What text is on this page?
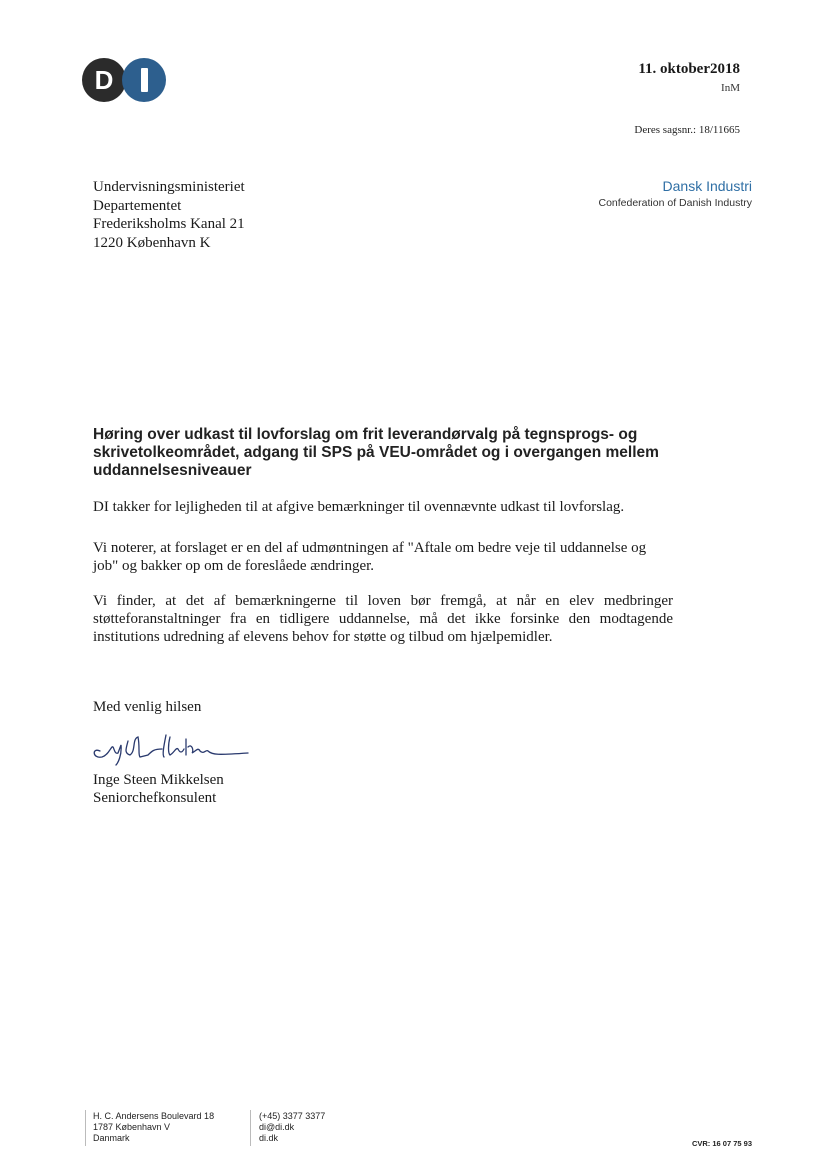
D	11. oktober2018
InM
Deres sagsnr.: 18/11665
Undervisningsministeriet
Departementet
Frederiksholms Kanal 21
1220 København K
Dansk Industri
Confederation of Danish Industry
Høring over udkast til lovforslag om frit leverandørvalg på tegnsprogs- og skrivetolkeområdet, adgang til SPS på VEU-området og i overgangen mellem uddannelsesniveauer
DI takker for lejligheden til at afgive bemærkninger til ovennævnte udkast til lovforslag.
Vi noterer, at forslaget er en del af udmøntningen af "Aftale om bedre veje til uddannelse og job" og bakker op om de foreslåede ændringer.
Vi finder, at det af bemærkningerne til loven bør fremgå, at når en elev medbringer støtteforanstaltninger fra en tidligere uddannelse, må det ikke forsinke den modtagende institutions udredning af elevens behov for støtte og tilbud om hjælpemidler.
Med venlig hilsen
Inge Steen Mikkelsen
Seniorchefkonsulent
H. C. Andersens Boulevard 18
1787 København V
Danmark
(+45) 3377 3377
di@di.dk
di.dk
CVR: 16 07 75 93
